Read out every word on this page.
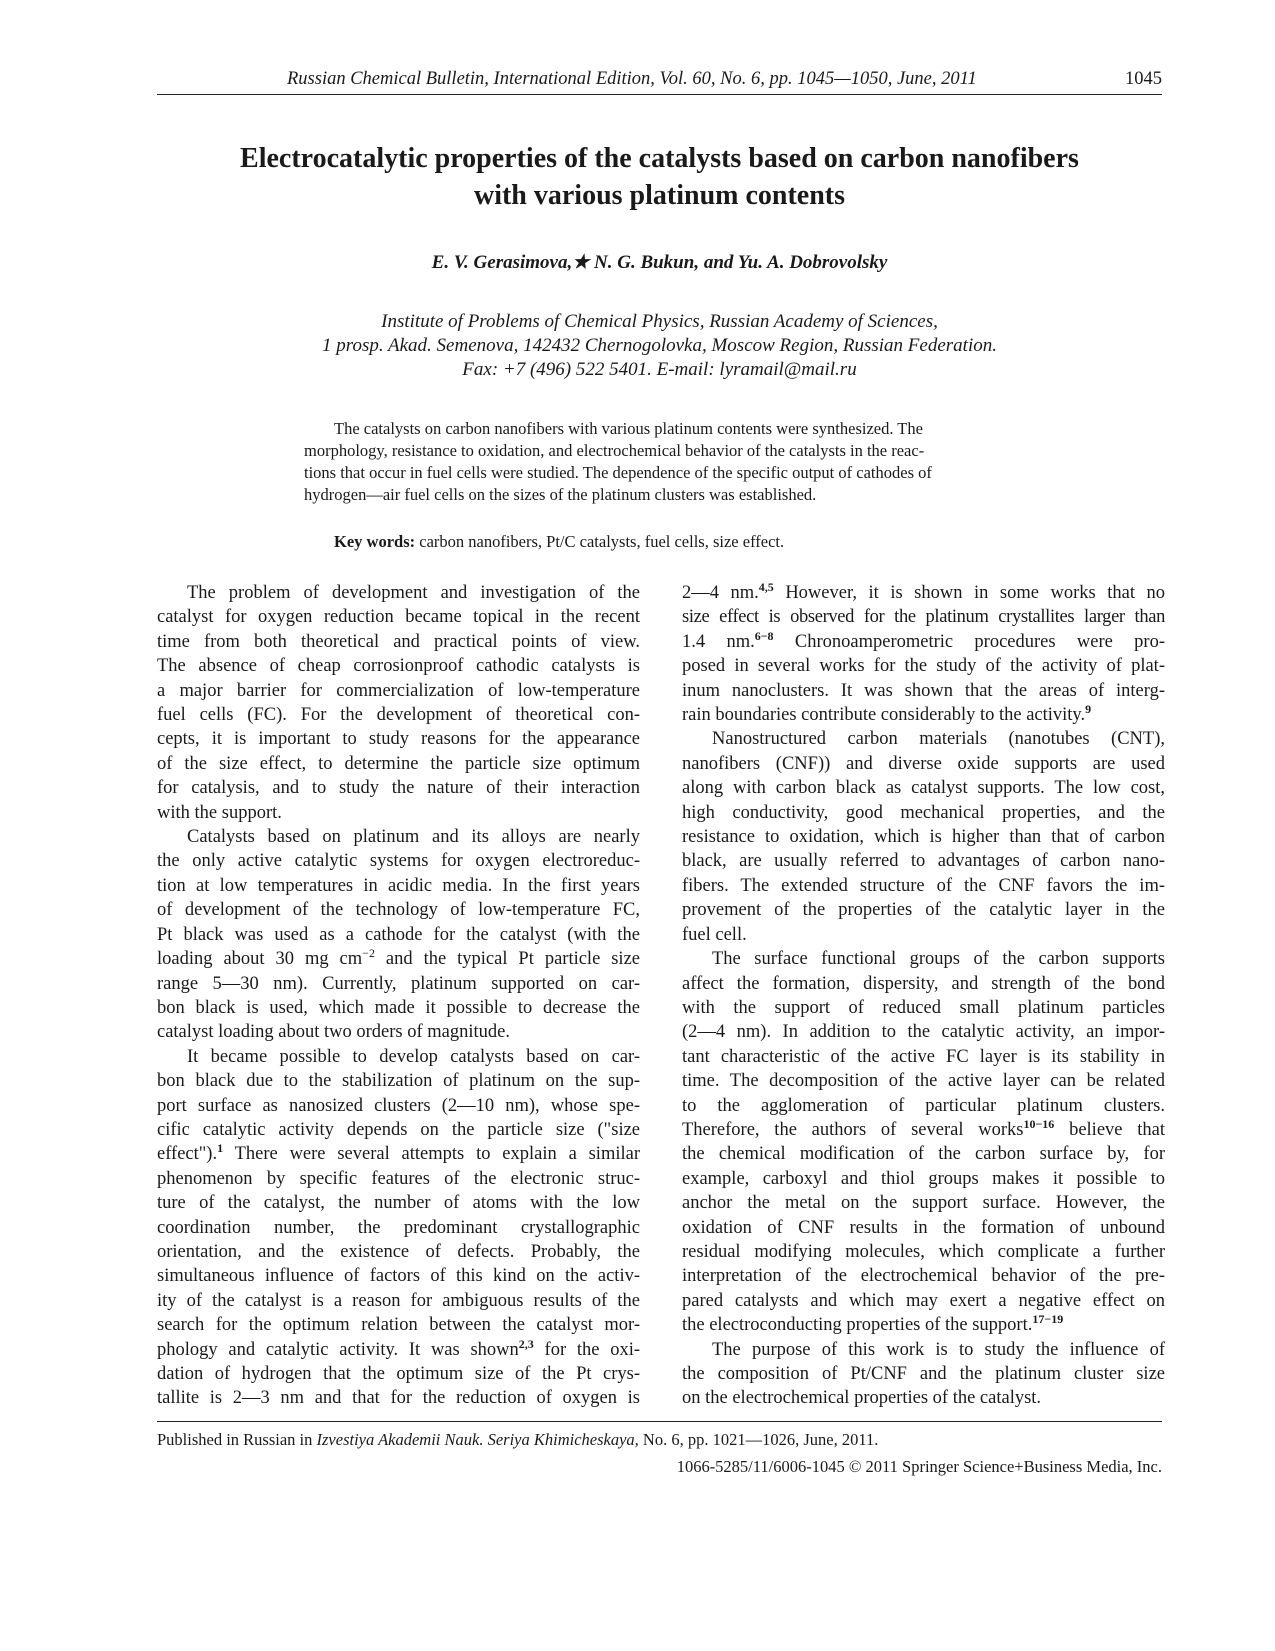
Russian Chemical Bulletin, International Edition, Vol. 60, No. 6, pp. 1045—1050, June, 2011	1045
Electrocatalytic properties of the catalysts based on carbon nanofibers
with various platinum contents
E. V. Gerasimova,★ N. G. Bukun, and Yu. A. Dobrovolsky
Institute of Problems of Chemical Physics, Russian Academy of Sciences,
1 prosp. Akad. Semenova, 142432 Chernogolovka, Moscow Region, Russian Federation.
Fax: +7 (496) 522 5401. E-mail: lyramail@mail.ru
The catalysts on carbon nanofibers with various platinum contents were synthesized. The
morphology, resistance to oxidation, and electrochemical behavior of the catalysts in the reac-
tions that occur in fuel cells were studied. The dependence of the specific output of cathodes of
hydrogen—air fuel cells on the sizes of the platinum clusters was established.
Key words: carbon nanofibers, Pt/C catalysts, fuel cells, size effect.
The problem of development and investigation of the
catalyst for oxygen reduction became topical in the recent
time from both theoretical and practical points of view.
The absence of cheap corrosionproof cathodic catalysts is
a major barrier for commercialization of low-temperature
fuel cells (FC). For the development of theoretical con-
cepts, it is important to study reasons for the appearance
of the size effect, to determine the particle size optimum
for catalysis, and to study the nature of their interaction
with the support.
Catalysts based on platinum and its alloys are nearly
the only active catalytic systems for oxygen electroreduc-
tion at low temperatures in acidic media. In the first years
of development of the technology of low-temperature FC,
Pt black was used as a cathode for the catalyst (with the
loading about 30 mg $cm^{-2}$ and the typical Pt particle size
range 5—30 nm). Currently, platinum supported on car-
bon black is used, which made it possible to decrease the
catalyst loading about two orders of magnitude.
It became possible to develop catalysts based on car-
bon black due to the stabilization of platinum on the sup-
port surface as nanosized clusters (2—10 nm), whose spe-
cific catalytic activity depends on the particle size ("size
effect").$^1$ There were several attempts to explain a similar
phenomenon by specific features of the electronic struc-
ture of the catalyst, the number of atoms with the low
coordination number, the predominant crystallographic
orientation, and the existence of defects. Probably, the
simultaneous influence of factors of this kind on the activ-
ity of the catalyst is a reason for ambiguous results of the
search for the optimum relation between the catalyst mor-
phology and catalytic activity. It was shown$^{2,3}$ for the oxi-
dation of hydrogen that the optimum size of the Pt crys-
tallite is 2—3 nm and that for the reduction of oxygen is
2—4 nm.$^{4,5}$ However, it is shown in some works that no
size effect is observed for the platinum crystallites larger than
1.4 nm.$^{6-8}$ Chronoamperometric procedures were pro-
posed in several works for the study of the activity of plat-
inum nanoclusters. It was shown that the areas of interg-
rain boundaries contribute considerably to the activity.$^9$
Nanostructured carbon materials (nanotubes (CNT),
nanofibers (CNF)) and diverse oxide supports are used
along with carbon black as catalyst supports. The low cost,
high conductivity, good mechanical properties, and the
resistance to oxidation, which is higher than that of carbon
black, are usually referred to advantages of carbon nano-
fibers. The extended structure of the CNF favors the im-
provement of the properties of the catalytic layer in the
fuel cell.
The surface functional groups of the carbon supports
affect the formation, dispersity, and strength of the bond
with the support of reduced small platinum particles
(2—4 nm). In addition to the catalytic activity, an impor-
tant characteristic of the active FC layer is its stability in
time. The decomposition of the active layer can be related
to the agglomeration of particular platinum clusters.
Therefore, the authors of several works$^{10-16}$ believe that
the chemical modification of the carbon surface by, for
example, carboxyl and thiol groups makes it possible to
anchor the metal on the support surface. However, the
oxidation of CNF results in the formation of unbound
residual modifying molecules, which complicate a further
interpretation of the electrochemical behavior of the pre-
pared catalysts and which may exert a negative effect on
the electroconducting properties of the support.$^{17-19}$
The purpose of this work is to study the influence of
the composition of Pt/CNF and the platinum cluster size
on the electrochemical properties of the catalyst.
Published in Russian in Izvestiya Akademii Nauk. Seriya Khimicheskaya, No. 6, pp. 1021—1026, June, 2011.
1066-5285/11/6006-1045 © 2011 Springer Science+Business Media, Inc.
